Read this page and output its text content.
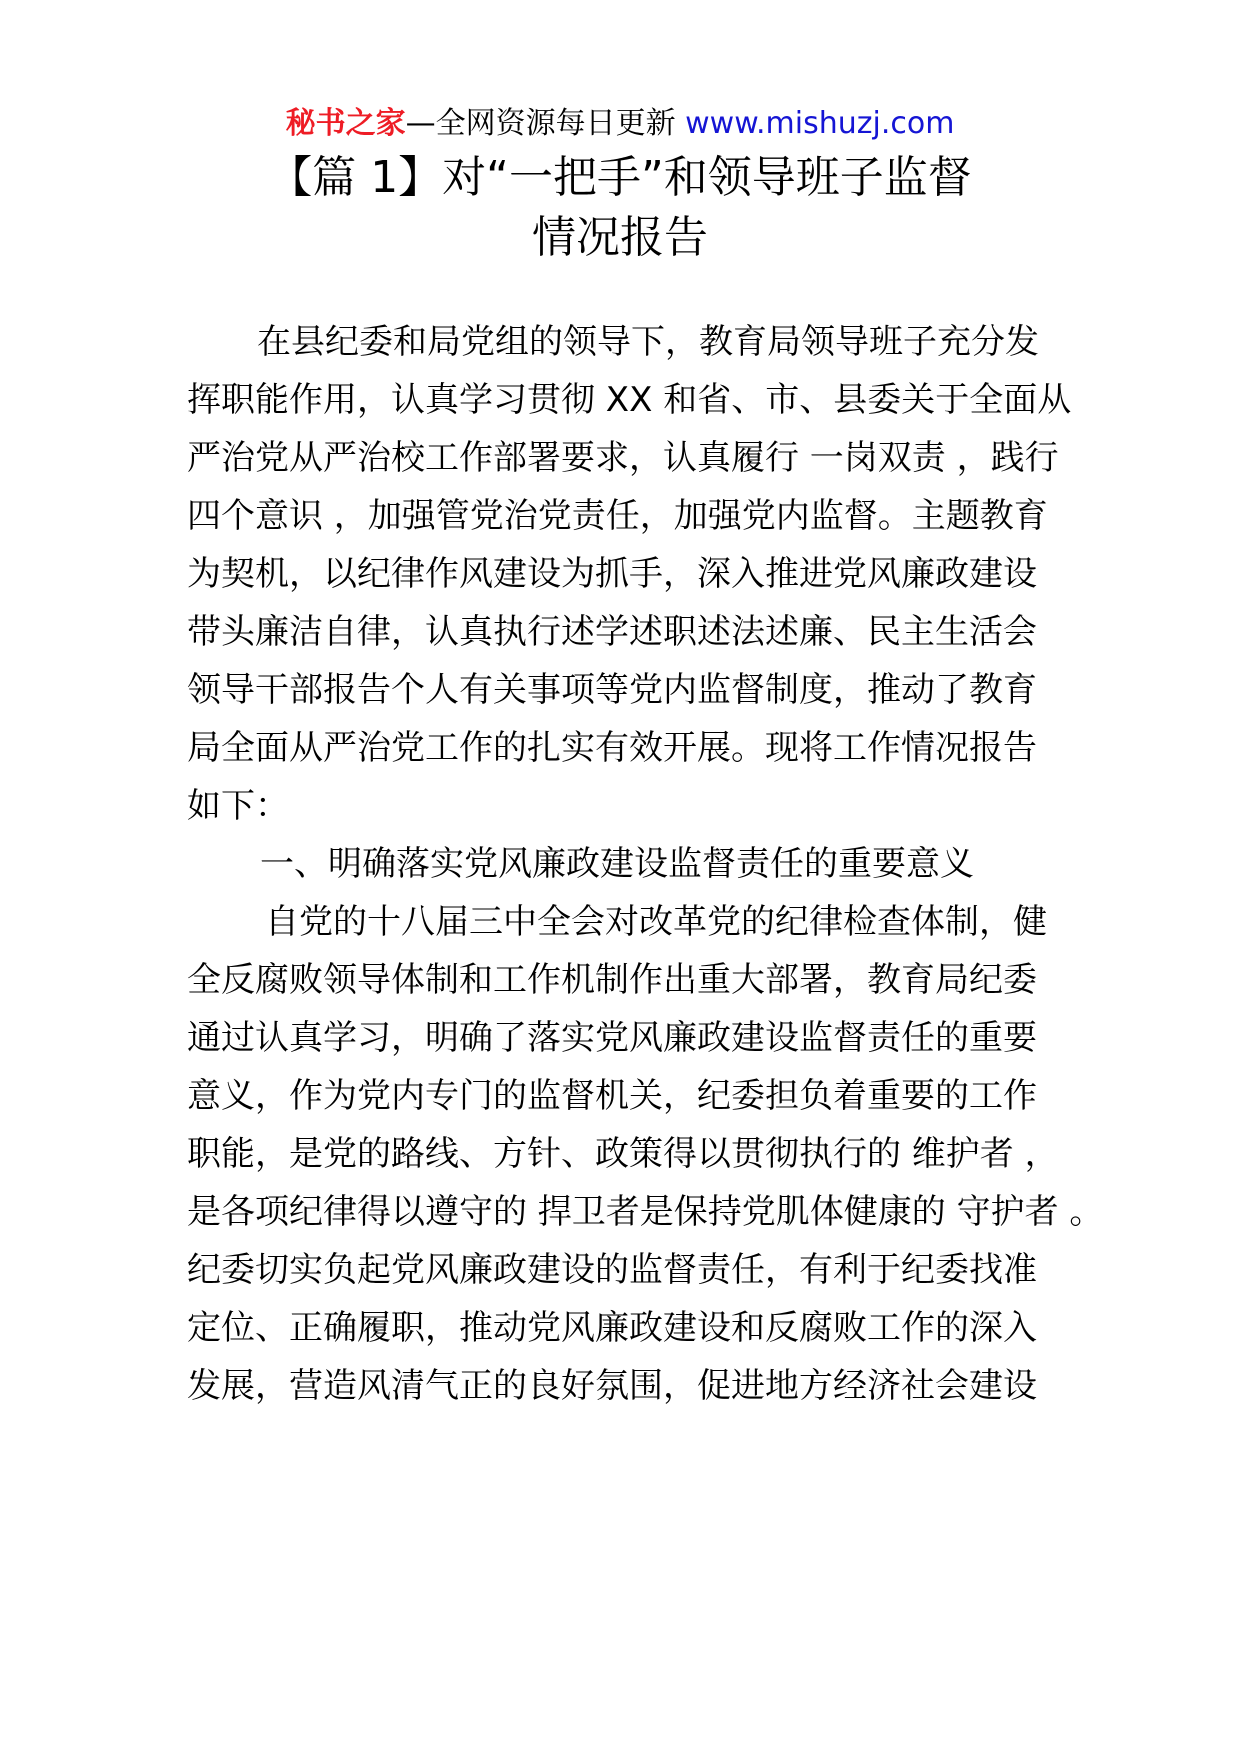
秘书之家—全网资源每日更新 www.mishuzj.com
【篇 1】对“一把手”和领导班子监督
情况报告
在县纪委和局党组的领导下，教育局领导班子充分发
挥职能作用，认真学习贯彻 XX 和省、市、县委关于全面从
严治党从严治校工作部署要求，认真履行 一岗双责 ，践行
四个意识 ，加强管党治党责任，加强党内监督。主题教育
为契机，以纪律作风建设为抓手，深入推进党风廉政建设
带头廉洁自律，认真执行述学述职述法述廉、民主生活会
领导干部报告个人有关事项等党内监督制度，推动了教育
局全面从严治党工作的扎实有效开展。现将工作情况报告
如下：
一、明确落实党风廉政建设监督责任的重要意义
自党的十八届三中全会对改革党的纪律检查体制，健
全反腐败领导体制和工作机制作出重大部署，教育局纪委
通过认真学习，明确了落实党风廉政建设监督责任的重要
意义，作为党内专门的监督机关，纪委担负着重要的工作
职能，是党的路线、方针、政策得以贯彻执行的 维护者 ，
是各项纪律得以遵守的 捍卫者是保持党肌体健康的 守护者 。
纪委切实负起党风廉政建设的监督责任，有利于纪委找准
定位、正确履职，推动党风廉政建设和反腐败工作的深入
发展，营造风清气正的良好氛围，促进地方经济社会建设
